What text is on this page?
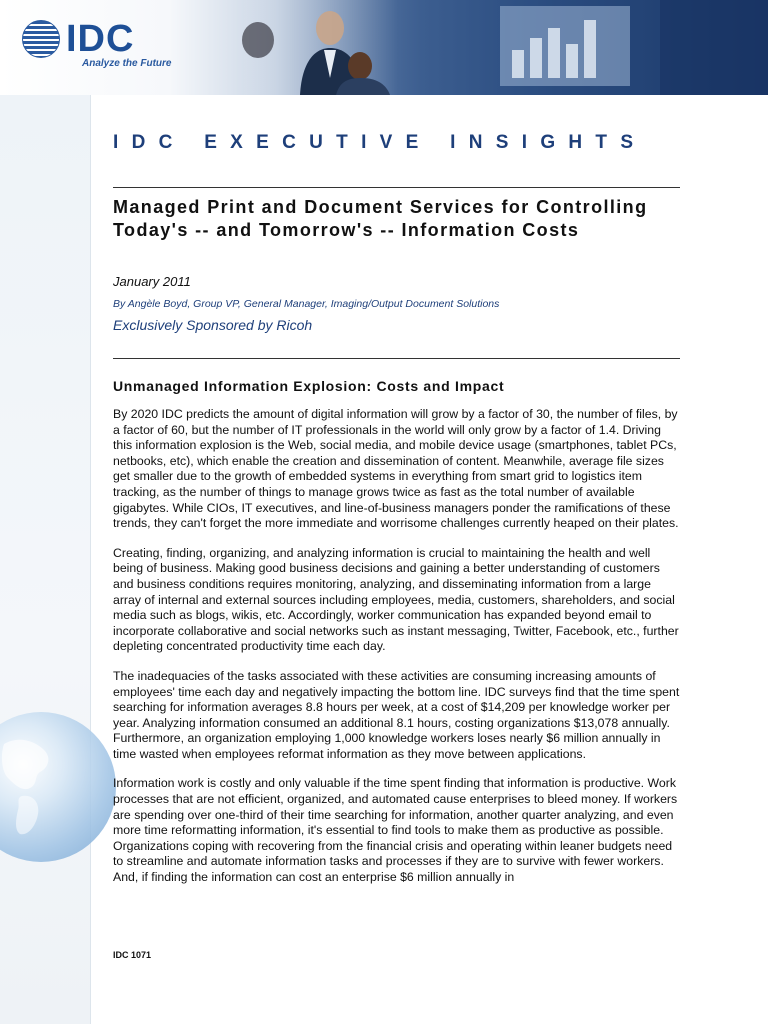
IDC
Analyze the Future
IDC EXECUTIVE INSIGHTS
Managed Print and Document Services for Controlling Today's -- and Tomorrow's -- Information Costs
January 2011
By Angèle Boyd, Group VP, General Manager, Imaging/Output Document Solutions
Exclusively Sponsored by Ricoh
Unmanaged Information Explosion: Costs and Impact

By 2020 IDC predicts the amount of digital information will grow by a factor of 30, the number of files, by a factor of 60, but the number of IT professionals in the world will only grow by a factor of 1.4. Driving this information explosion is the Web, social media, and mobile device usage (smartphones, tablet PCs, netbooks, etc), which enable the creation and dissemination of content. Meanwhile, average file sizes get smaller due to the growth of embedded systems in everything from smart grid to logistics item tracking, as the number of things to manage grows twice as fast as the total number of available gigabytes. While CIOs, IT executives, and line-of-business managers ponder the ramifications of these trends, they can't forget the more immediate and worrisome challenges currently heaped on their plates.

Creating, finding, organizing, and analyzing information is crucial to maintaining the health and well being of business. Making good business decisions and gaining a better understanding of customers and business conditions requires monitoring, analyzing, and disseminating information from a large array of internal and external sources including employees, media, customers, shareholders, and social media such as blogs, wikis, etc. Accordingly, worker communication has expanded beyond email to incorporate collaborative and social networks such as instant messaging, Twitter, Facebook, etc., further depleting concentrated productivity time each day.

The inadequacies of the tasks associated with these activities are consuming increasing amounts of employees' time each day and negatively impacting the bottom line. IDC surveys find that the time spent searching for information averages 8.8 hours per week, at a cost of $14,209 per knowledge worker per year. Analyzing information consumed an additional 8.1 hours, costing organizations $13,078 annually. Furthermore, an organization employing 1,000 knowledge workers loses nearly $6 million annually in time wasted when employees reformat information as they move between applications.

Information work is costly and only valuable if the time spent finding that information is productive. Work processes that are not efficient, organized, and automated cause enterprises to bleed money. If workers are spending over one-third of their time searching for information, another quarter analyzing, and even more time reformatting information, it's essential to find tools to make them as productive as possible. Organizations coping with recovering from the financial crisis and operating within leaner budgets need to streamline and automate information tasks and processes if they are to survive with fewer workers. And, if finding the information can cost an enterprise $6 million annually in

IDC 1071
